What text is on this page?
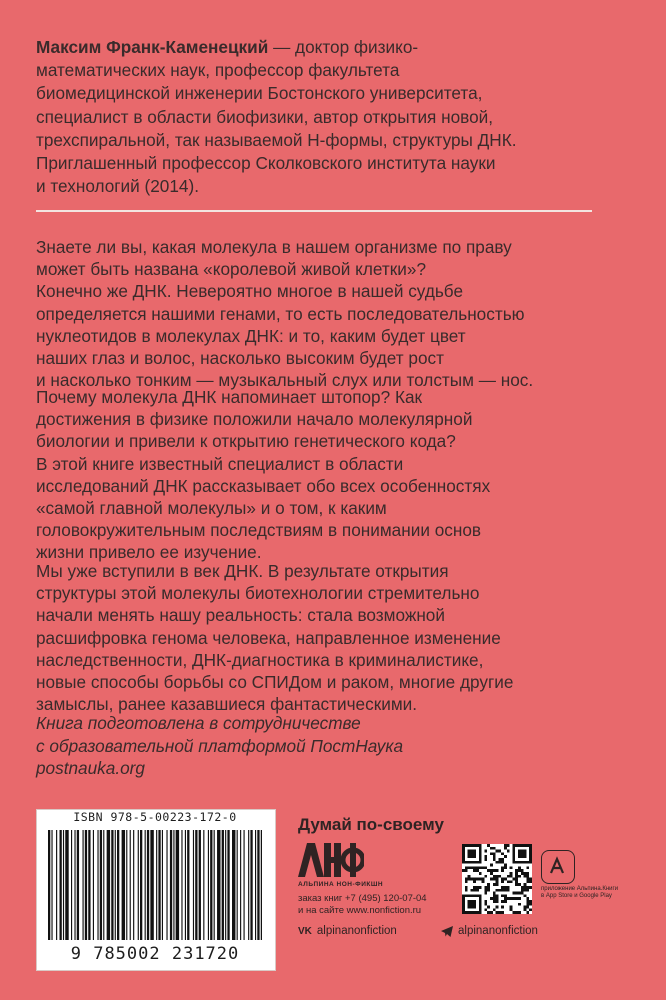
Максим Франк-Каменецкий — доктор физико-
математических наук, профессор факультета
биомедицинской инженерии Бостонского университета,
специалист в области биофизики, автор открытия новой,
трехспиральной, так называемой Н-формы, структуры ДНК.
Приглашенный профессор Сколковского института науки
и технологий (2014).

Знаете ли вы, какая молекула в нашем организме по праву
может быть названа «королевой живой клетки»?
Конечно же ДНК. Невероятно многое в нашей судьбе
определяется нашими генами, то есть последовательностью
нуклеотидов в молекулах ДНК: и то, каким будет цвет
наших глаз и волос, насколько высоким будет рост
и насколько тонким — музыкальный слух или толстым — нос.

Почему молекула ДНК напоминает штопор? Как
достижения в физике положили начало молекулярной
биологии и привели к открытию генетического кода?
В этой книге известный специалист в области
исследований ДНК рассказывает обо всех особенностях
«самой главной молекулы» и о том, к каким
головокружительным последствиям в понимании основ
жизни привело ее изучение.

Мы уже вступили в век ДНК. В результате открытия
структуры этой молекулы биотехнологии стремительно
начали менять нашу реальность: стала возможной
расшифровка генома человека, направленное изменение
наследственности, ДНК-диагностика в криминалистике,
новые способы борьбы со СПИДом и раком, многие другие
замыслы, ранее казавшиеся фантастическими.

Книга подготовлена в сотрудничестве
с образовательной платформой ПостНаука
postnauka.org

ISBN 978-5-00223-172-0
9 785002 231720
Думай по-своему
АЛЬПИНА НОН-ФИКШН
заказ книг +7 (495) 120-07-04
и на сайте www.nonfiction.ru
приложение Альпина.Книги в App Store и Google Play
VK alpinanonfiction	alpinanonfiction
